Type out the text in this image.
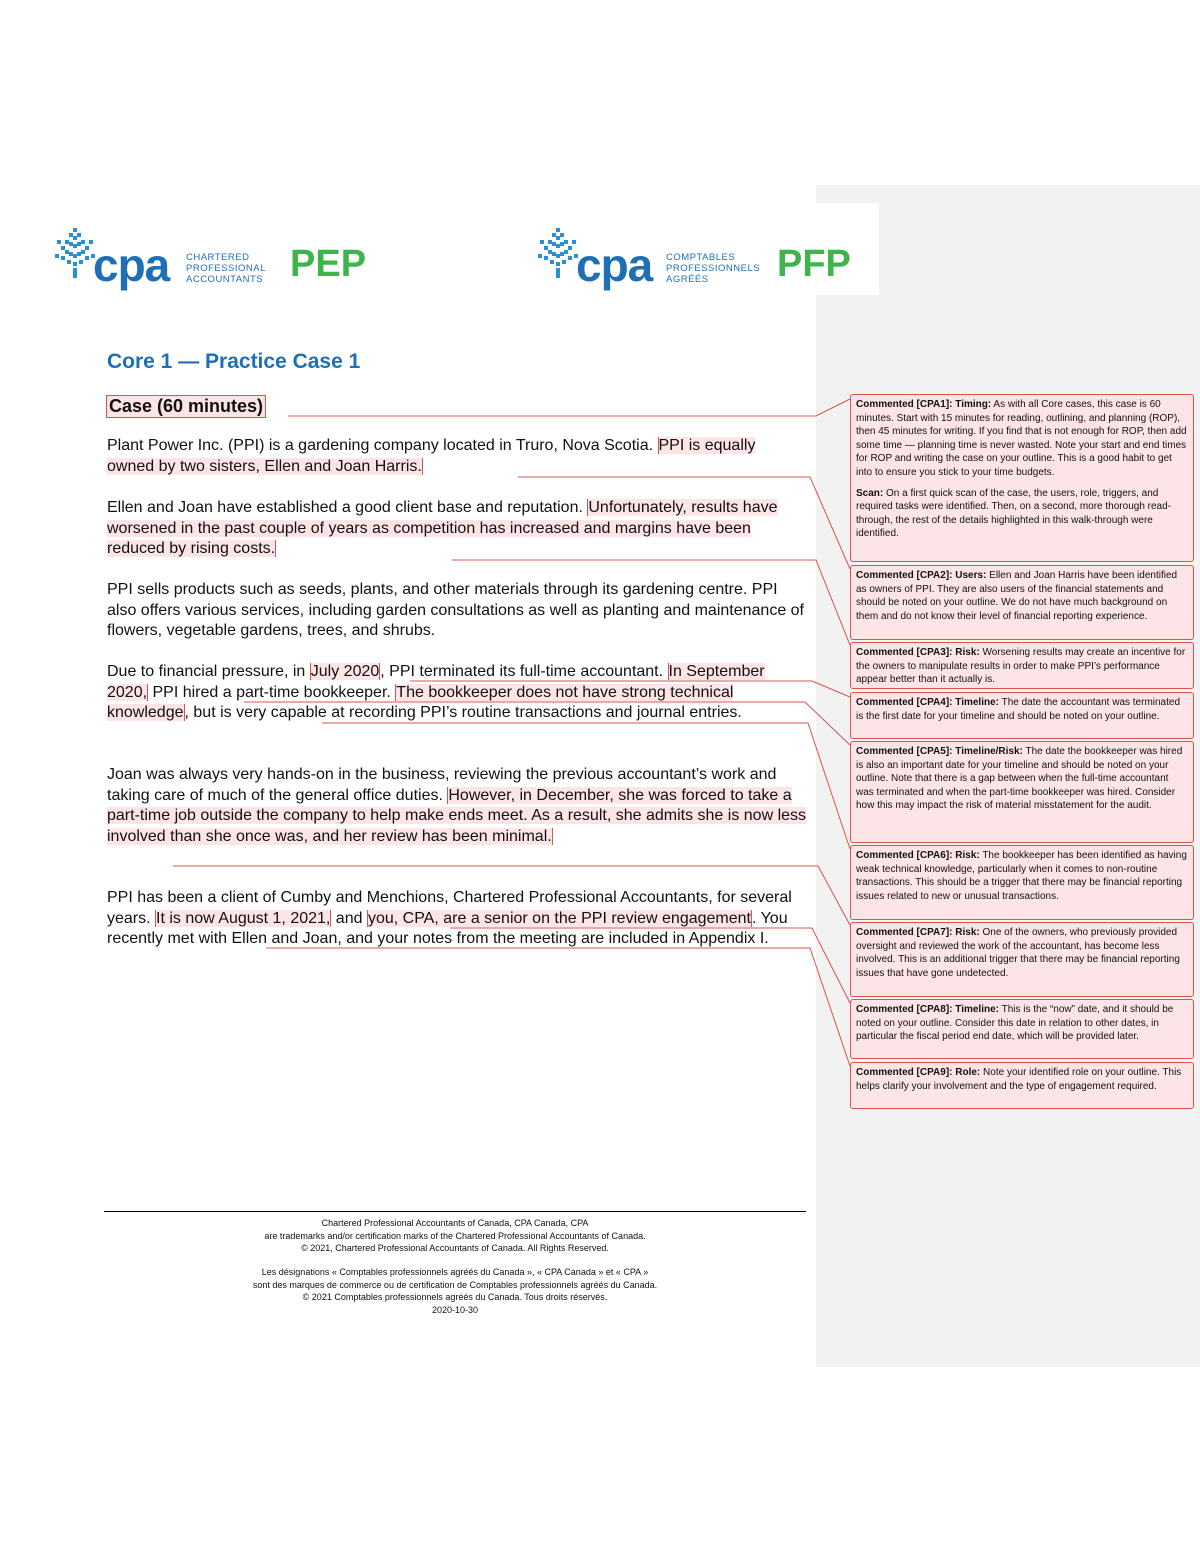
cpa CHARTERED
PROFESSIONAL
ACCOUNTANTS PEP	cpa COMPTABLES
PROFESSIONNELS
AGRÉÉS	PFP
Core 1 — Practice Case 1
Case (60 minutes)

Plant Power Inc. (PPI) is a gardening company located in Truro, Nova Scotia. PPI is equally owned by two sisters, Ellen and Joan Harris.

Ellen and Joan have established a good client base and reputation. Unfortunately, results have worsened in the past couple of years as competition has increased and margins have been reduced by rising costs.

PPI sells products such as seeds, plants, and other materials through its gardening centre. PPI also offers various services, including garden consultations as well as planting and maintenance of flowers, vegetable gardens, trees, and shrubs.

Due to financial pressure, in July 2020, PPI terminated its full-time accountant. In September 2020, PPI hired a part-time bookkeeper. The bookkeeper does not have strong technical knowledge, but is very capable at recording PPI’s routine transactions and journal entries.

Joan was always very hands-on in the business, reviewing the previous accountant’s work and taking care of much of the general office duties. However, in December, she was forced to take a part-time job outside the company to help make ends meet. As a result, she admits she is now less involved than she once was, and her review has been minimal.

PPI has been a client of Cumby and Menchions, Chartered Professional Accountants, for several years. It is now August 1, 2021, and you, CPA, are a senior on the PPI review engagement. You recently met with Ellen and Joan, and your notes from the meeting are included in Appendix I.

Commented [CPA1]: Timing: As with all Core cases, this case is 60 minutes. Start with 15 minutes for reading, outlining, and planning (ROP), then 45 minutes for writing. If you find that is not enough for ROP, then add some time — planning time is never wasted. Note your start and end times for ROP and writing the case on your outline. This is a good habit to get into to ensure you stick to your time budgets.

Scan: On a first quick scan of the case, the users, role, triggers, and required tasks were identified. Then, on a second, more thorough read-through, the rest of the details highlighted in this walk-through were identified.

Commented [CPA2]: Users: Ellen and Joan Harris have been identified as owners of PPI. They are also users of the financial statements and should be noted on your outline. We do not have much background on them and do not know their level of financial reporting experience.

Commented [CPA3]: Risk: Worsening results may create an incentive for the owners to manipulate results in order to make PPI’s performance appear better than it actually is.

Commented [CPA4]: Timeline: The date the accountant was terminated is the first date for your timeline and should be noted on your outline.

Commented [CPA5]: Timeline/Risk: The date the bookkeeper was hired is also an important date for your timeline and should be noted on your outline. Note that there is a gap between when the full-time accountant was terminated and when the part-time bookkeeper was hired. Consider how this may impact the risk of material misstatement for the audit.

Commented [CPA6]: Risk: The bookkeeper has been identified as having weak technical knowledge, particularly when it comes to non-routine transactions. This should be a trigger that there may be financial reporting issues related to new or unusual transactions.

Commented [CPA7]: Risk: One of the owners, who previously provided oversight and reviewed the work of the accountant, has become less involved. This is an additional trigger that there may be financial reporting issues that have gone undetected.

Commented [CPA8]: Timeline: This is the “now” date, and it should be noted on your outline. Consider this date in relation to other dates, in particular the fiscal period end date, which will be provided later.

Commented [CPA9]: Role: Note your identified role on your outline. This helps clarify your involvement and the type of engagement required.

Chartered Professional Accountants of Canada, CPA Canada, CPA
are trademarks and/or certification marks of the Chartered Professional Accountants of Canada.
© 2021, Chartered Professional Accountants of Canada. All Rights Reserved.
Les désignations « Comptables professionnels agréés du Canada », « CPA Canada » et « CPA »
sont des marques de commerce ou de certification de Comptables professionnels agréés du Canada.
© 2021 Comptables professionnels agréés du Canada. Tous droits réservés.
2020-10-30
